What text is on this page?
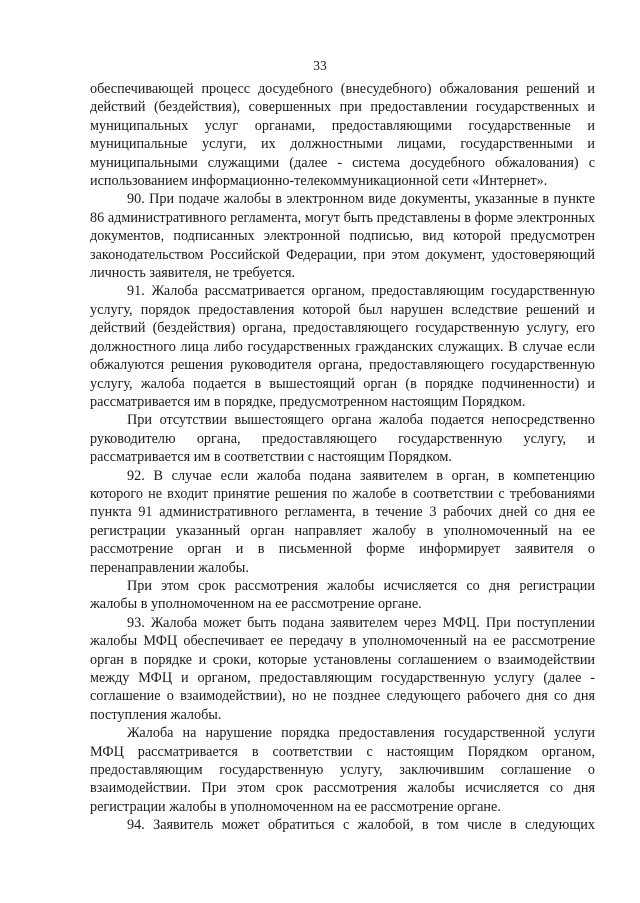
33

обеспечивающей процесс досудебного (внесудебного) обжалования решений и действий (бездействия), совершенных при предоставлении государственных и муниципальных услуг органами, предоставляющими государственные и муниципальные услуги, их должностными лицами, государственными и муниципальными служащими (далее - система досудебного обжалования) с использованием информационно-телекоммуникационной сети «Интернет».

90. При подаче жалобы в электронном виде документы, указанные в пункте 86 административного регламента, могут быть представлены в форме электронных документов, подписанных электронной подписью, вид которой предусмотрен законодательством Российской Федерации, при этом документ, удостоверяющий личность заявителя, не требуется.

91. Жалоба рассматривается органом, предоставляющим государственную услугу, порядок предоставления которой был нарушен вследствие решений и действий (бездействия) органа, предоставляющего государственную услугу, его должностного лица либо государственных гражданских служащих. В случае если обжалуются решения руководителя органа, предоставляющего государственную услугу, жалоба подается в вышестоящий орган (в порядке подчиненности) и рассматривается им в порядке, предусмотренном настоящим Порядком.

При отсутствии вышестоящего органа жалоба подается непосредственно руководителю органа, предоставляющего государственную услугу, и рассматривается им в соответствии с настоящим Порядком.

92. В случае если жалоба подана заявителем в орган, в компетенцию которого не входит принятие решения по жалобе в соответствии с требованиями пункта 91 административного регламента, в течение 3 рабочих дней со дня ее регистрации указанный орган направляет жалобу в уполномоченный на ее рассмотрение орган и в письменной форме информирует заявителя о перенаправлении жалобы.

При этом срок рассмотрения жалобы исчисляется со дня регистрации жалобы в уполномоченном на ее рассмотрение органе.

93. Жалоба может быть подана заявителем через МФЦ. При поступлении жалобы МФЦ обеспечивает ее передачу в уполномоченный на ее рассмотрение орган в порядке и сроки, которые установлены соглашением о взаимодействии между МФЦ и органом, предоставляющим государственную услугу (далее - соглашение о взаимодействии), но не позднее следующего рабочего дня со дня поступления жалобы.

Жалоба на нарушение порядка предоставления государственной услуги МФЦ рассматривается в соответствии с настоящим Порядком органом, предоставляющим государственную услугу, заключившим соглашение о взаимодействии. При этом срок рассмотрения жалобы исчисляется со дня регистрации жалобы в уполномоченном на ее рассмотрение органе.

94. Заявитель может обратиться с жалобой, в том числе в следующих
